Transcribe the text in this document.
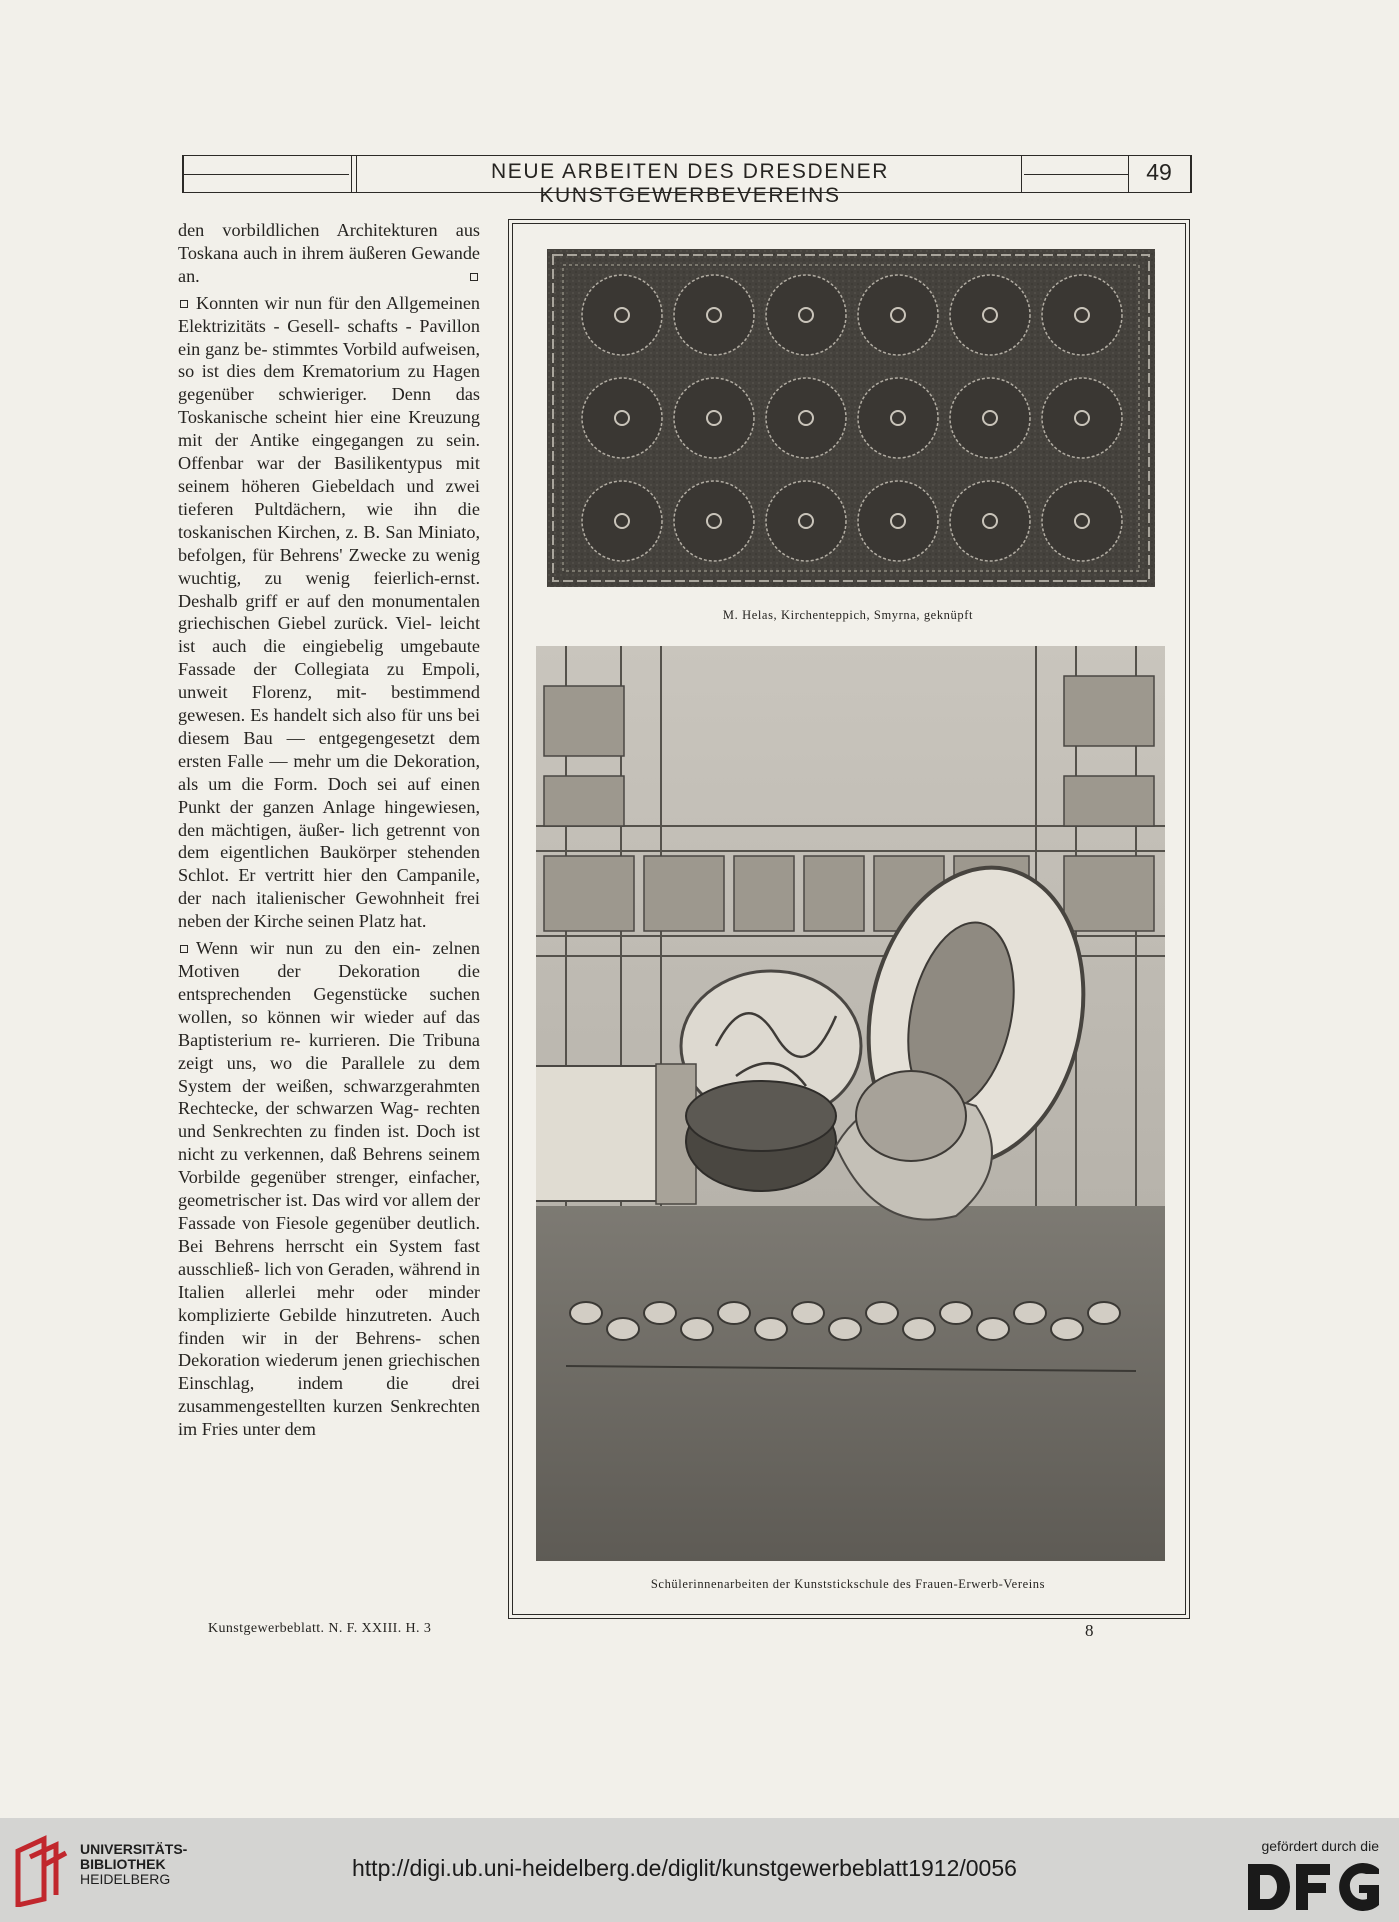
NEUE ARBEITEN DES DRESDENER KUNSTGEWERBEVEREINS
49

den vorbildlichen Architekturen aus Toskana auch in ihrem äußeren Gewande an.

Konnten wir nun für den Allgemeinen Elektrizitäts - Gesell- schafts - Pavillon ein ganz be- stimmtes Vorbild aufweisen, so ist dies dem Krematorium zu Hagen gegenüber schwieriger. Denn das Toskanische scheint hier eine Kreuzung mit der Antike eingegangen zu sein. Offenbar war der Basilikentypus mit seinem höheren Giebeldach und zwei tieferen Pultdächern, wie ihn die toskanischen Kirchen, z. B. San Miniato, befolgen, für Behrens' Zwecke zu wenig wuchtig, zu wenig feierlich-ernst. Deshalb griff er auf den monumentalen griechischen Giebel zurück. Viel- leicht ist auch die eingiebelig umgebaute Fassade der Collegiata zu Empoli, unweit Florenz, mit- bestimmend gewesen. Es handelt sich also für uns bei diesem Bau — entgegengesetzt dem ersten Falle — mehr um die Dekoration, als um die Form. Doch sei auf einen Punkt der ganzen Anlage hingewiesen, den mächtigen, äußer- lich getrennt von dem eigentlichen Baukörper stehenden Schlot. Er vertritt hier den Campanile, der nach italienischer Gewohnheit frei neben der Kirche seinen Platz hat.

Wenn wir nun zu den ein- zelnen Motiven der Dekoration die entsprechenden Gegenstücke suchen wollen, so können wir wieder auf das Baptisterium re- kurrieren. Die Tribuna zeigt uns, wo die Parallele zu dem System der weißen, schwarzgerahmten Rechtecke, der schwarzen Wag- rechten und Senkrechten zu finden ist. Doch ist nicht zu verkennen, daß Behrens seinem Vorbilde gegenüber strenger, einfacher, geometrischer ist. Das wird vor allem der Fassade von Fiesole gegenüber deutlich. Bei Behrens herrscht ein System fast ausschließ- lich von Geraden, während in Italien allerlei mehr oder minder komplizierte Gebilde hinzutreten. Auch finden wir in der Behrens- schen Dekoration wiederum jenen griechischen Einschlag, indem die drei zusammengestellten kurzen Senkrechten im Fries unter dem

M. Helas, Kirchenteppich, Smyrna, geknüpft
Schülerinnenarbeiten der Kunststickschule des Frauen-Erwerb-Vereins
Kunstgewerbeblatt. N. F. XXIII. H. 3	8
UNIVERSITÄTS-
BIBLIOTHEK
HEIDELBERG	http://digi.ub.uni-heidelberg.de/diglit/kunstgewerbeblatt1912/0056
gefördert durch die
